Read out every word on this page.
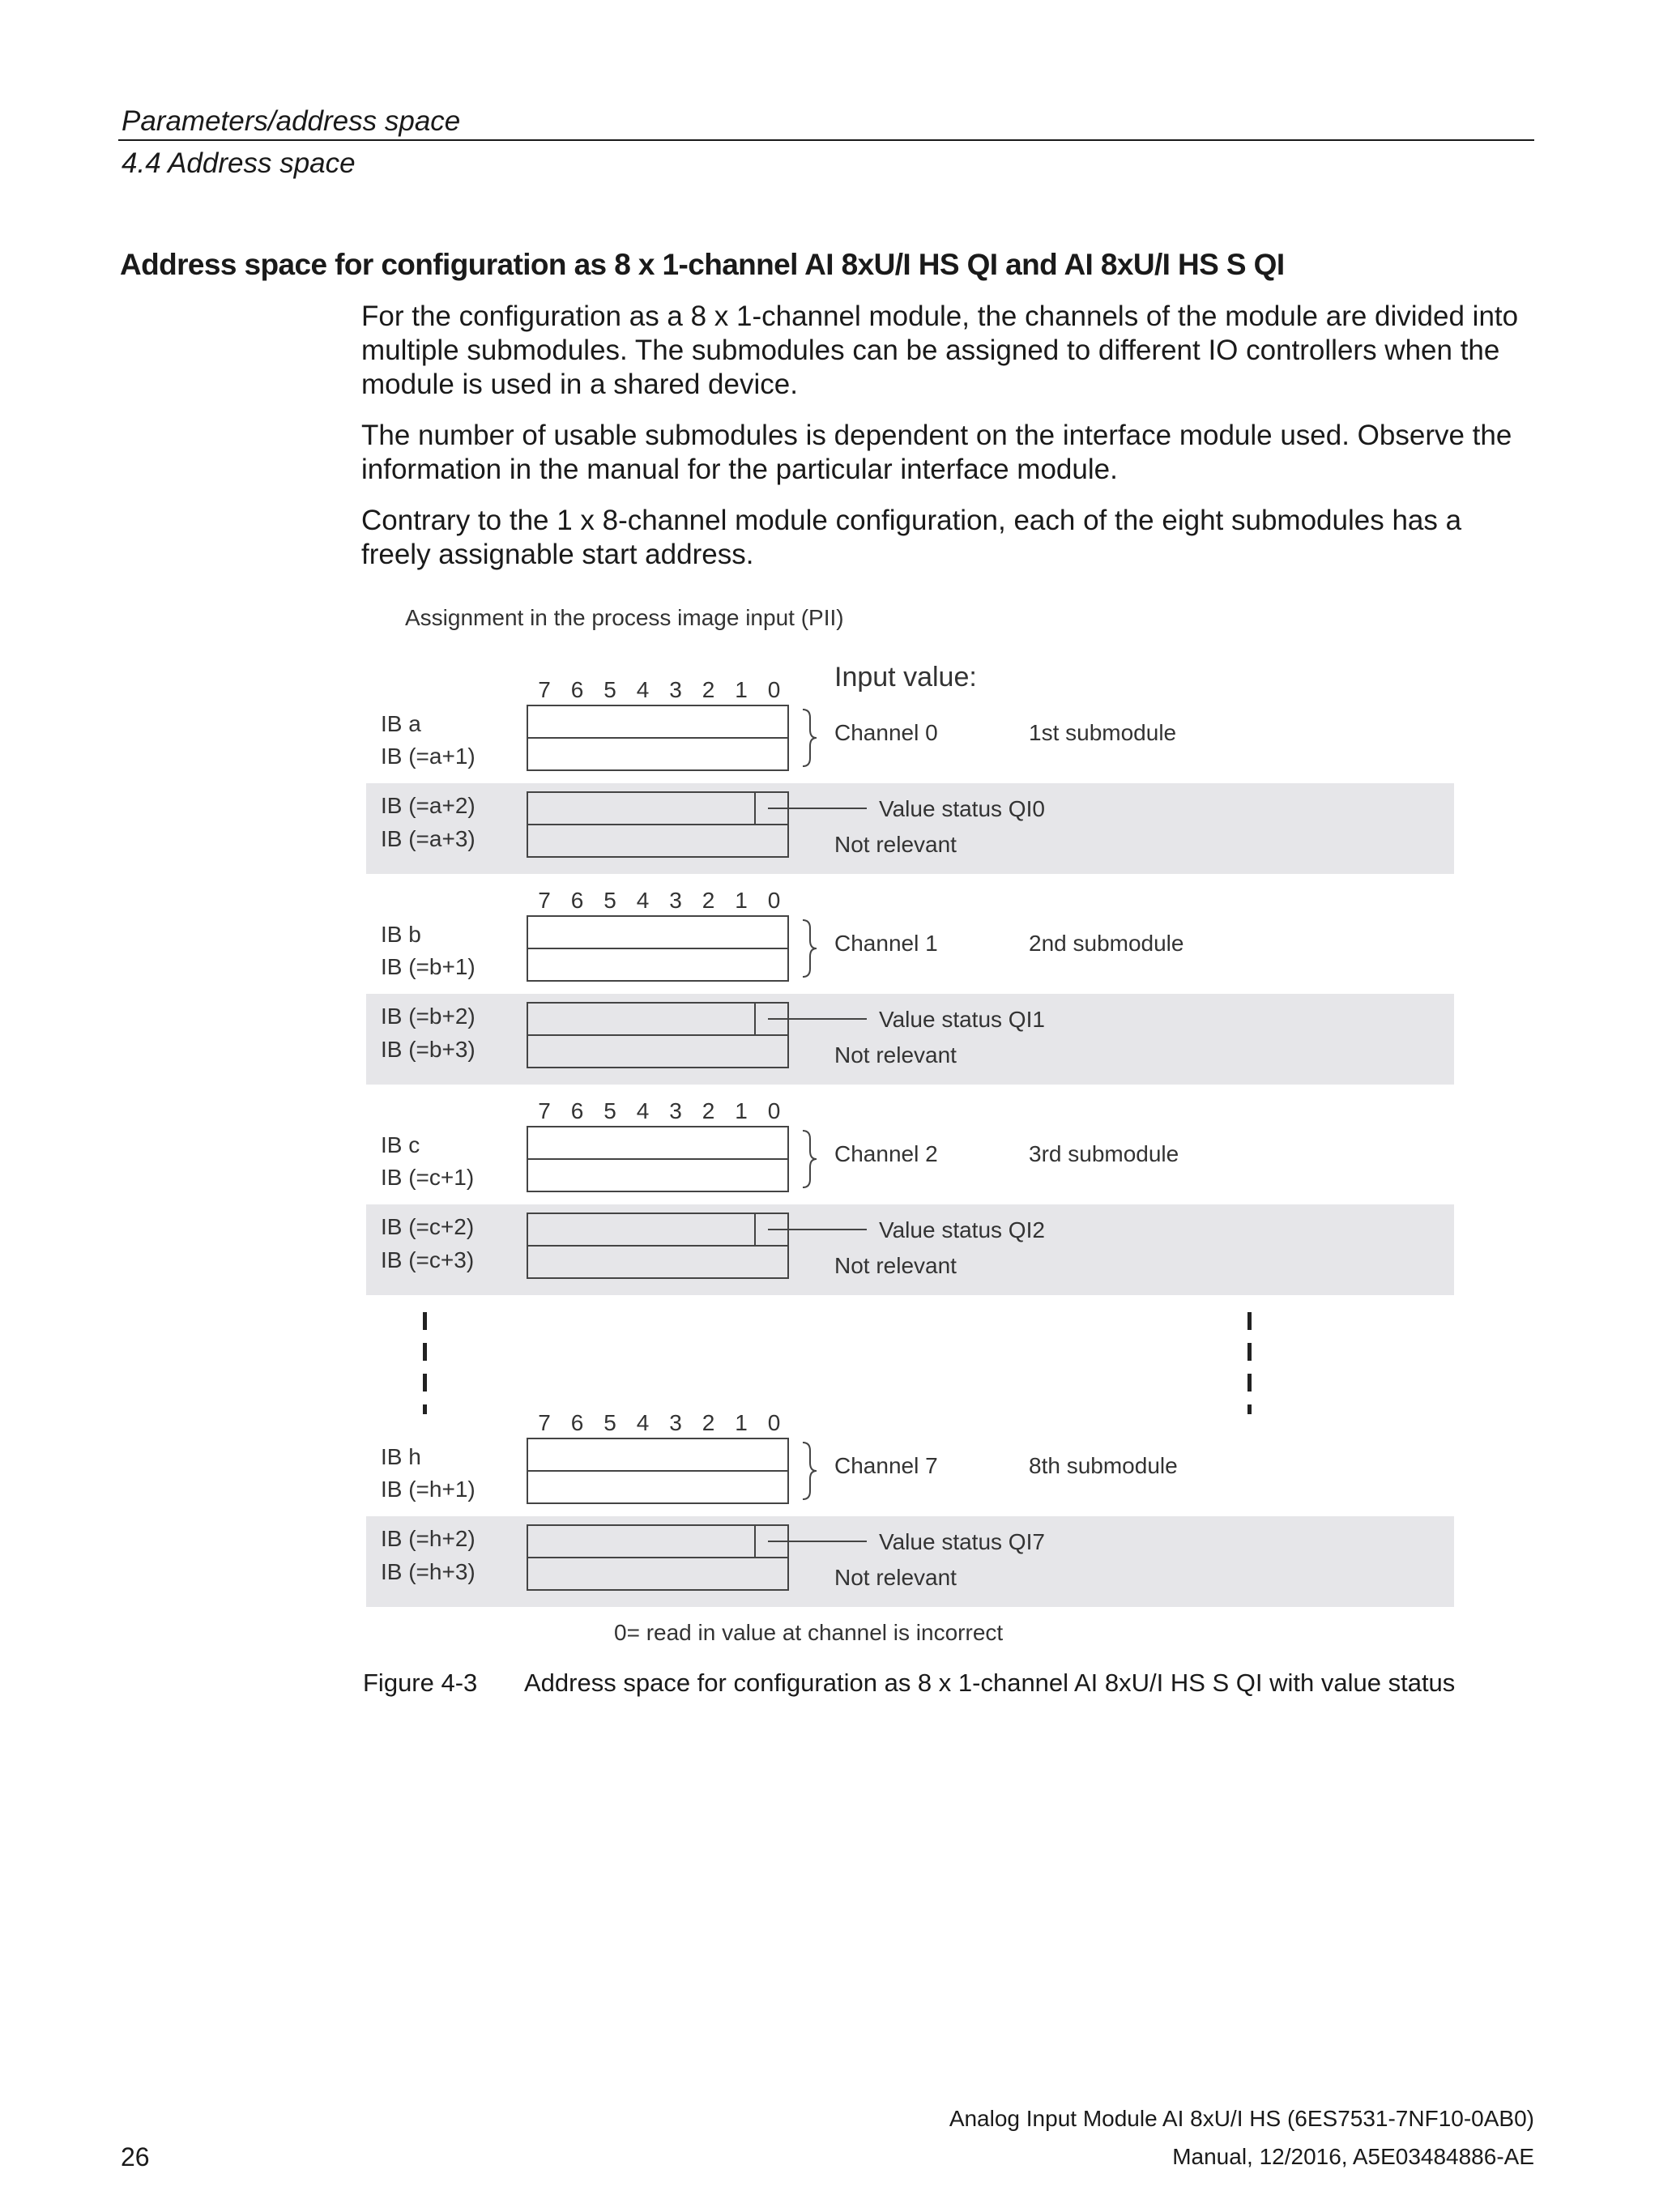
Parameters/address space
4.4 Address space
Address space for configuration as 8 x 1-channel AI 8xU/I HS QI and AI 8xU/I HS S QI
For the configuration as a 8 x 1-channel module, the channels of the module are divided into
multiple submodules. The submodules can be assigned to different IO controllers when the
module is used in a shared device.
The number of usable submodules is dependent on the interface module used. Observe the
information in the manual for the particular interface module.
Contrary to the 1 x 8-channel module configuration, each of the eight submodules has a
freely assignable start address.
Assignment in the process image input (PII)
7 6 5 4 3 2 1 0 Input value:
IB a
IB (=a+1)
IB (=a+2)
IB (=a+3)
Channel 0	1st submodule
Value status QI0
Not relevant
7 6 5 4 3 2 1 0
IB b
IB (=b+1)
IB (=b+2)
IB (=b+3)
Channel 1	2nd submodule
Value status QI1
Not relevant
7 6 5 4 3 2 1 0
IB c
IB (=c+1)
IB (=c+2)
IB (=c+3)
Channel 2	3rd submodule
Value status QI2
Not relevant
7 6 5 4 3 2 1 0
IB h
IB (=h+1)
IB (=h+2)
IB (=h+3)
Channel 7	8th submodule
Value status QI7
Not relevant
0= read in value at channel is incorrect
Figure 4-3 Address space for configuration as 8 x 1-channel AI 8xU/I HS S QI with value status
Analog Input Module AI 8xU/I HS (6ES7531-7NF10-0AB0)
Manual, 12/2016, A5E03484886-AE
26
